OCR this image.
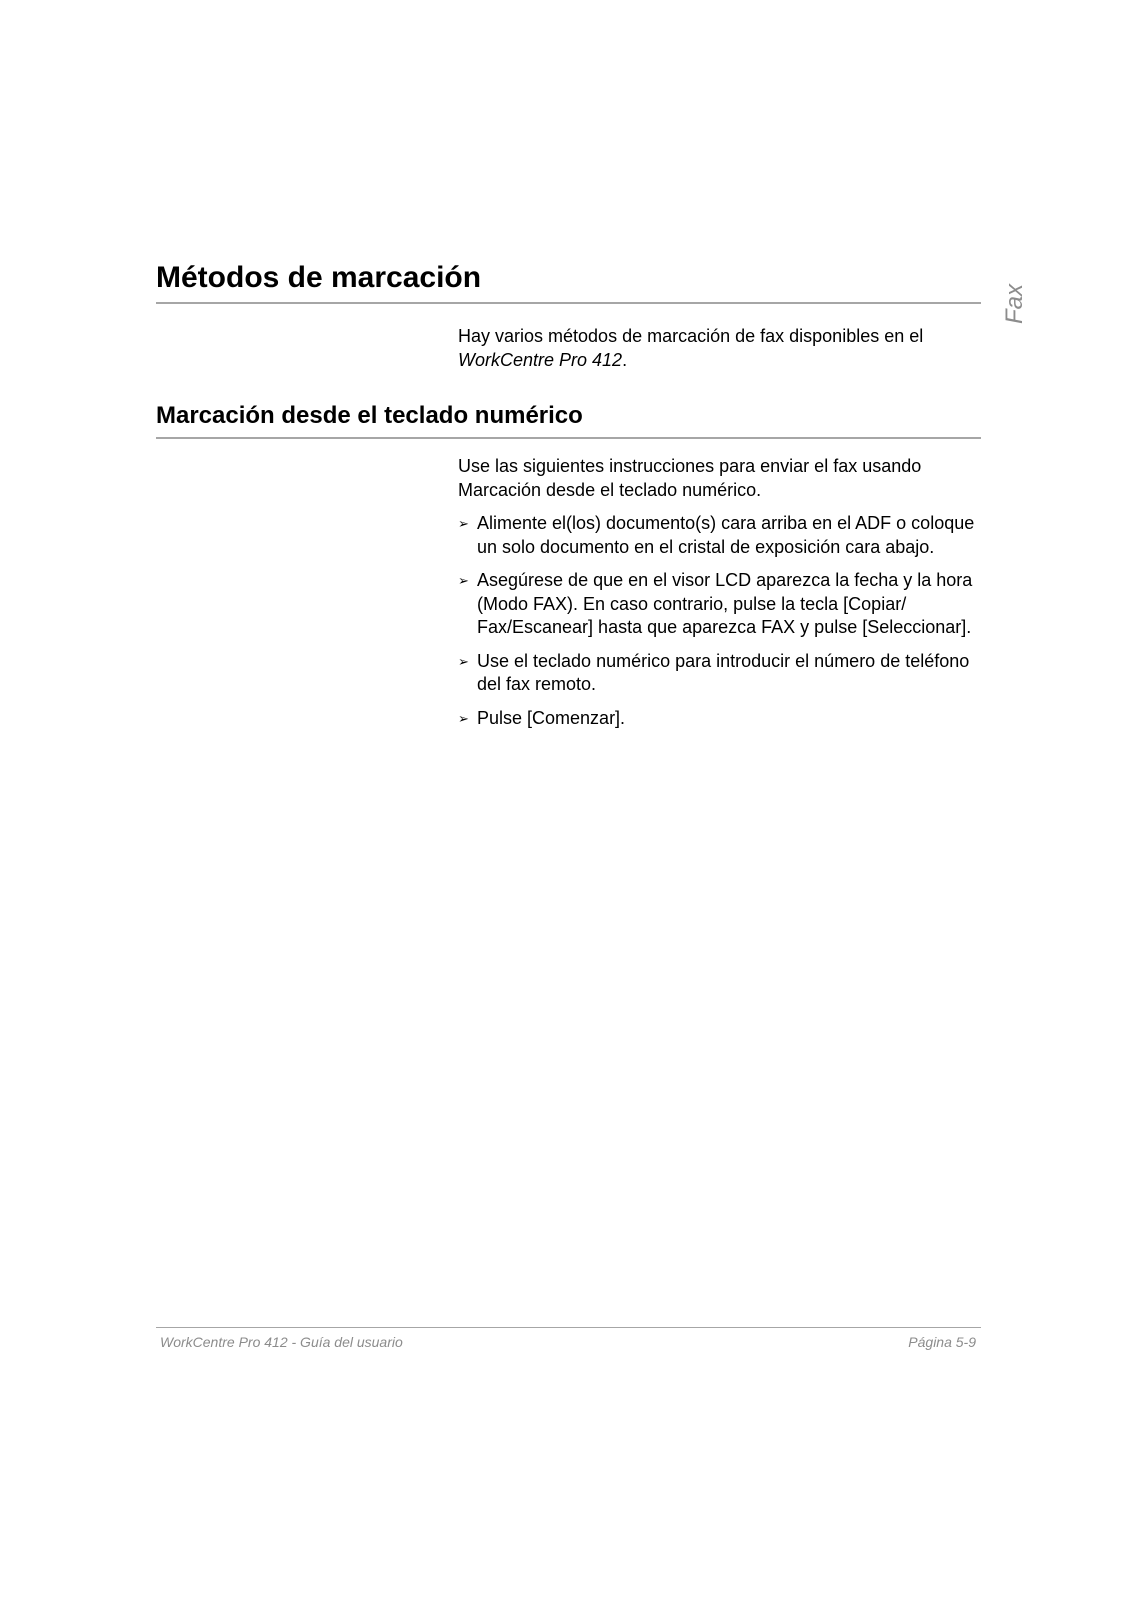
Métodos de marcación
Fax

Hay varios métodos de marcación de fax disponibles en el WorkCentre Pro 412.

Marcación desde el teclado numérico

Use las siguientes instrucciones para enviar el fax usando Marcación desde el teclado numérico.

➢ Alimente el(los) documento(s) cara arriba en el ADF o coloque un solo documento en el cristal de exposición cara abajo.
➢ Asegúrese de que en el visor LCD aparezca la fecha y la hora (Modo FAX). En caso contrario, pulse la tecla [Copiar/ Fax/Escanear] hasta que aparezca FAX y pulse [Seleccionar].
➢ Use el teclado numérico para introducir el número de teléfono del fax remoto.
➢ Pulse [Comenzar].
WorkCentre Pro 412 - Guía del usuario	Página 5-9
